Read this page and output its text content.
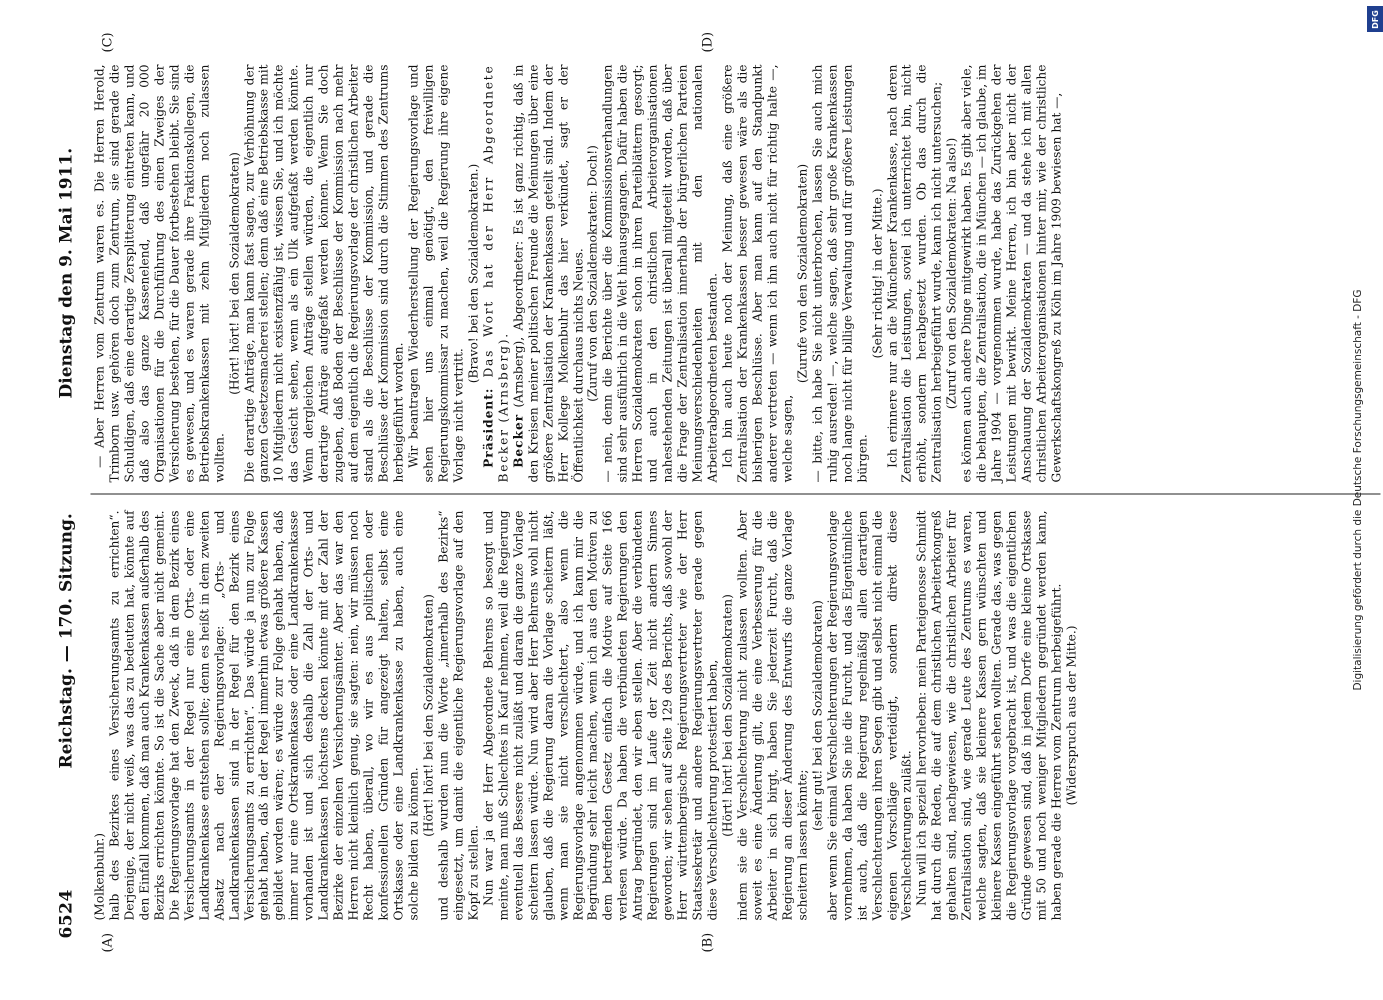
6524
Reichstag. — 170. Sitzung.
Dienstag den 9. Mai 1911.
(A)	(B)
(C)	(D)

(Molkenbuhr.) halb des Bezirkes eines Versicherungsamts zu errichten“. Derjenige, der nicht weiß, was das zu bedeuten hat, könnte auf den Einfall kommen, daß man auch Krankenkassen außerhalb des Bezirks errichten könnte. So ist die Sache aber nicht gemeint. Die Regierungsvorlage hat den Zweck, daß in dem Bezirk eines Versicherungsamts in der Regel nur eine Orts- oder eine Landkrankenkasse entstehen sollte; denn es heißt in dem zweiten Absatz nach der Regierungsvorlage: „Orts- und Landkrankenkassen sind in der Regel für den Bezirk eines Versicherungsamts zu errichten“. Das würde ja nun zur Folge gehabt haben, daß in der Regel immerhin etwas größere Kassen gebildet worden wären; es würde zur Folge gehabt haben, daß immer nur eine Ortskrankenkasse oder eine Landkrankenkasse vorhanden ist und sich deshalb die Zahl der Orts- und Landkrankenkassen höchstens decken könnte mit der Zahl der Bezirke der einzelnen Versicherungsämter. Aber das war den Herren nicht kleinlich genug, sie sagten: nein, wir müssen noch Recht haben, überall, wo wir es aus politischen oder konfessionellen Gründen für angezeigt halten, selbst eine Ortskasse oder eine Landkrankenkasse zu haben, auch eine solche bilden zu können.

(Hört! hört! bei den Sozialdemokraten) und deshalb wurden nun die Worte „innerhalb des Bezirks“ eingesetzt, um damit die eigentliche Regierungsvorlage auf den Kopf zu stellen. Nun war ja der Herr Abgeordnete Behrens so besorgt und meinte, man muß Schlechtes in Kauf nehmen, weil die Regierung eventuell das Bessere nicht zuläßt und daran die ganze Vorlage scheitern lassen würde. Nun wird aber Herr Behrens wohl nicht glauben, daß die Regierung daran die Vorlage scheitern läßt, wenn man sie nicht verschlechtert, also wenn die Regierungsvorlage angenommen würde, und ich kann mir die Begründung sehr leicht machen, wenn ich aus den Motiven zu dem betreffenden Gesetz einfach die Motive auf Seite 166 verlesen würde. Da haben die verbündeten Regierungen den Antrag begründet, den wir eben stellen. Aber die verbündeten Regierungen sind im Laufe der Zeit nicht andern Sinnes geworden; wir sehen auf Seite 129 des Berichts, daß sowohl der Herr württembergische Regierungsvertreter wie der Herr Staatssekretär und andere Regierungsvertreter gerade gegen diese Verschlechterung protestiert haben, (Hört! hört! bei den Sozialdemokraten) indem sie die Verschlechterung nicht zulassen wollten. Aber soweit es eine Änderung gilt, die eine Verbesserung für die Arbeiter in sich birgt, haben Sie jederzeit Furcht, daß die Regierung an dieser Änderung des Entwurfs die ganze Vorlage scheitern lassen könnte;

(sehr gut! bei den Sozialdemokraten) aber wenn Sie einmal Verschlechterungen der Regierungsvorlage vornehmen, da haben Sie nie die Furcht, und das Eigentümliche ist auch, daß die Regierung regelmäßig allen derartigen Verschlechterungen ihren Segen gibt und selbst nicht einmal die eigenen Vorschläge verteidigt, sondern direkt diese Verschlechterungen zuläßt. Nun will ich speziell hervorheben: mein Parteigenosse Schmidt hat durch die Reden, die auf dem christlichen Arbeiterkongreß gehalten sind, nachgewiesen, wie die christlichen Arbeiter für Zentralisation sind, wie gerade Leute des Zentrums es waren, welche sagten, daß sie kleinere Kassen gern wünschten und kleinere Kassen eingeführt sehen wollten. Gerade das, was gegen die Regierungsvorlage vorgebracht ist, und was die eigentlichen Gründe gewesen sind, daß in jedem Dorfe eine kleine Ortskasse mit 50 und noch weniger Mitgliedern gegründet werden kann, haben gerade die Herren vom Zentrum herbeigeführt. (Widerspruch aus der Mitte.)

— Aber Herren vom Zentrum waren es. Die Herren Herold, Trimborn usw. gehören doch zum Zentrum, sie sind gerade die Schuldigen, daß eine derartige Zersplitterung eintreten kann, und daß also das ganze Kassenelend, daß ungefähr 20 000 Organisationen für die Durchführung des einen Zweiges der Versicherung bestehen, für die Dauer fortbestehen bleibt. Sie sind es gewesen, und es waren gerade ihre Fraktionskollegen, die Betriebskrankenkassen mit zehn Mitgliedern noch zulassen wollten.

(Hört! hört! bei den Sozialdemokraten) Die derartige Anträge, man kann fast sagen, zur Verhöhnung der ganzen Gesetzesmacherei stellen; denn daß eine Betriebskasse mit 10 Mitgliedern nicht existenzfähig ist, wissen Sie, und ich möchte das Gesicht sehen, wenn als ein Ulk aufgefaßt werden könnte. Wenn dergleichen Anträge stellen würden, die eigentlich nur derartige Anträge aufgefaßt werden können. Wenn Sie doch zugeben, daß Boden der Beschlüsse der Kommission nach mehr auf dem eigentlich die Regierungsvorlage der christlichen Arbeiter stand als die Beschlüsse der Kommission, und gerade die Beschlüsse der Kommission sind durch die Stimmen des Zentrums herbeigeführt worden. Wir beantragen Wiederherstellung der Regierungsvorlage und sehen hier uns einmal genötigt, den freiwilligen Regierungskommissar zu machen, weil die Regierung ihre eigene Vorlage nicht vertritt.

(Bravo! bei den Sozialdemokraten.)

Präsident: Das Wort hat der Herr Abgeordnete Becker (Arnsberg). Becker (Arnsberg), Abgeordneter: Es ist ganz richtig, daß in den Kreisen meiner politischen Freunde die Meinungen über eine größere Zentralisation der Krankenkassen geteilt sind. Indem der Herr Kollege Molkenbuhr das hier verkündet, sagt er der Öffentlichkeit durchaus nichts Neues. (Zuruf von den Sozialdemokraten: Doch!) — nein, denn die Berichte über die Kommissionsverhandlungen sind sehr ausführlich in die Welt hinausgegangen. Dafür haben die Herren Sozialdemokraten schon in ihren Parteiblättern gesorgt; und auch in den christlichen Arbeiterorganisationen nahestehenden Zeitungen ist überall mitgeteilt worden, daß über die Frage der Zentralisation innerhalb der bürgerlichen Parteien Meinungsverschiedenheiten mit den nationalen Arbeiterabgeordneten bestanden. Ich bin auch heute noch der Meinung, daß eine größere Zentralisation der Krankenkassen besser gewesen wäre als die bisherigen Beschlüsse. Aber man kann auf den Standpunkt anderer vertreten — wenn ich ihn auch nicht für richtig halte —, welche sagen,

(Zurufe von den Sozialdemokraten) — bitte, ich habe Sie nicht unterbrochen, lassen Sie auch mich ruhig ausreden! —, welche sagen, daß sehr große Krankenkassen noch lange nicht für billige Verwaltung und für größere Leistungen bürgen.

(Sehr richtig! in der Mitte.) Ich erinnere nur an die Münchener Krankenkasse, nach deren Zentralisation die Leistungen, soviel ich unterrichtet bin, nicht erhöht, sondern herabgesetzt wurden. Ob das durch die Zentralisation herbeigeführt wurde, kann ich nicht untersuchen; (Zuruf von den Sozialdemokraten: Na also!) es können auch andere Dinge mitgewirkt haben. Es gibt aber viele, die behaupten, die Zentralisation, die in München — ich glaube, im Jahre 1904 — vorgenommen wurde, habe das Zurückgehen der Leistungen mit bewirkt. Meine Herren, ich bin aber nicht der Anschauung der Sozialdemokraten — und da stehe ich mit allen christlichen Arbeiterorganisationen hinter mir, wie der christliche Gewerkschaftskongreß zu Köln im Jahre 1909 bewiesen hat —,

Digitalisierung gefördert durch die Deutsche Forschungsgemeinschaft - DFG
DFG
